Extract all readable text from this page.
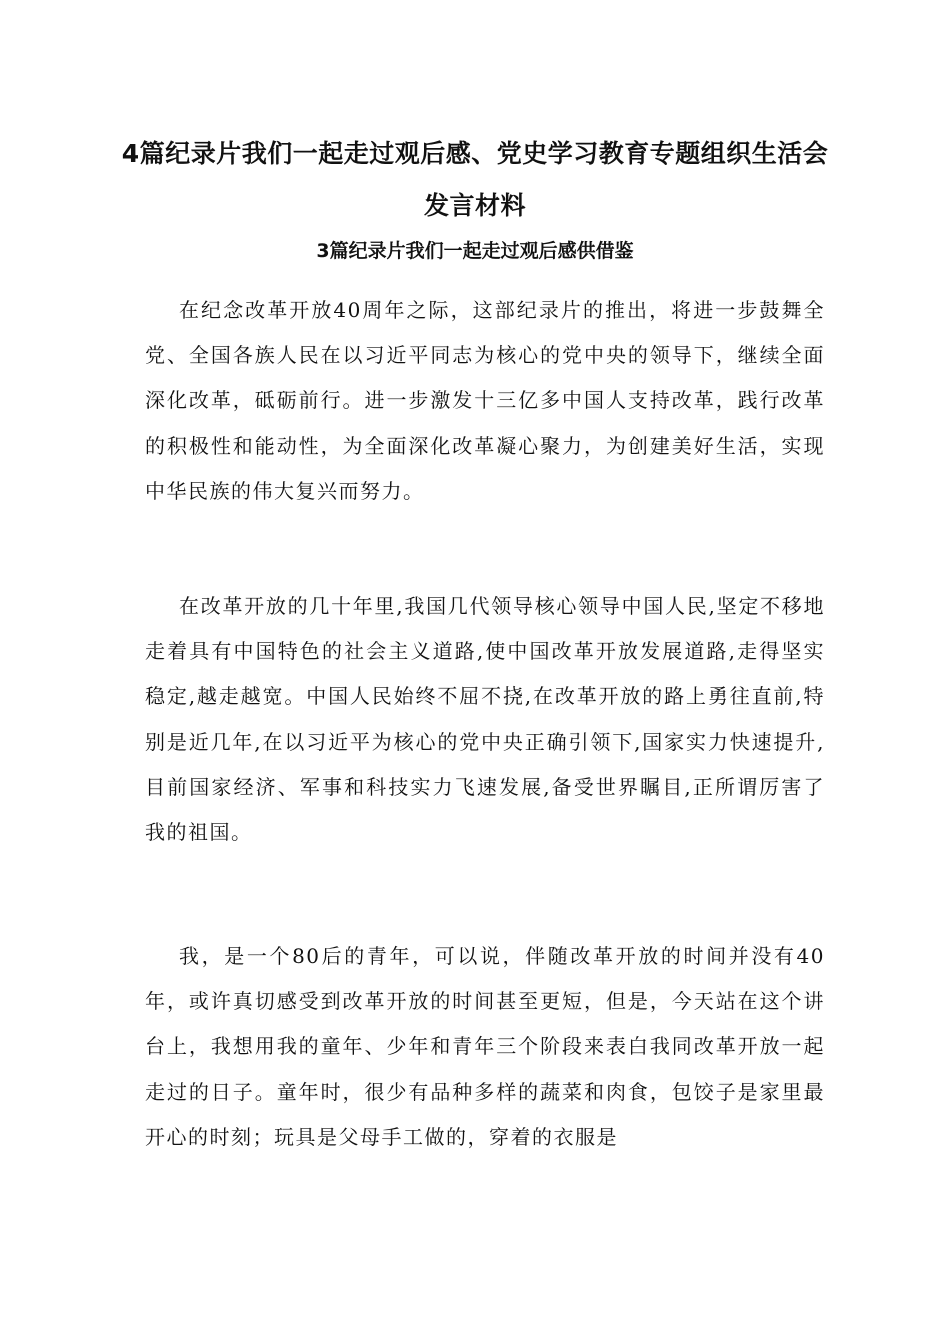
4篇纪录片我们一起走过观后感、党史学习教育专题组织生活会发言材料
3篇纪录片我们一起走过观后感供借鉴

在纪念改革开放40周年之际，这部纪录片的推出，将进一步鼓舞全党、全国各族人民在以习近平同志为核心的党中央的领导下，继续全面深化改革，砥砺前行。进一步激发十三亿多中国人支持改革，践行改革的积极性和能动性，为全面深化改革凝心聚力，为创建美好生活，实现中华民族的伟大复兴而努力。

在改革开放的几十年里,我国几代领导核心领导中国人民,坚定不移地走着具有中国特色的社会主义道路,使中国改革开放发展道路,走得坚实稳定,越走越宽。中国人民始终不屈不挠,在改革开放的路上勇往直前,特别是近几年,在以习近平为核心的党中央正确引领下,国家实力快速提升,目前国家经济、军事和科技实力飞速发展,备受世界瞩目,正所谓厉害了我的祖国。

我，是一个80后的青年，可以说，伴随改革开放的时间并没有40年，或许真切感受到改革开放的时间甚至更短，但是，今天站在这个讲台上，我想用我的童年、少年和青年三个阶段来表白我同改革开放一起走过的日子。童年时，很少有品种多样的蔬菜和肉食，包饺子是家里最开心的时刻；玩具是父母手工做的，穿着的衣服是
